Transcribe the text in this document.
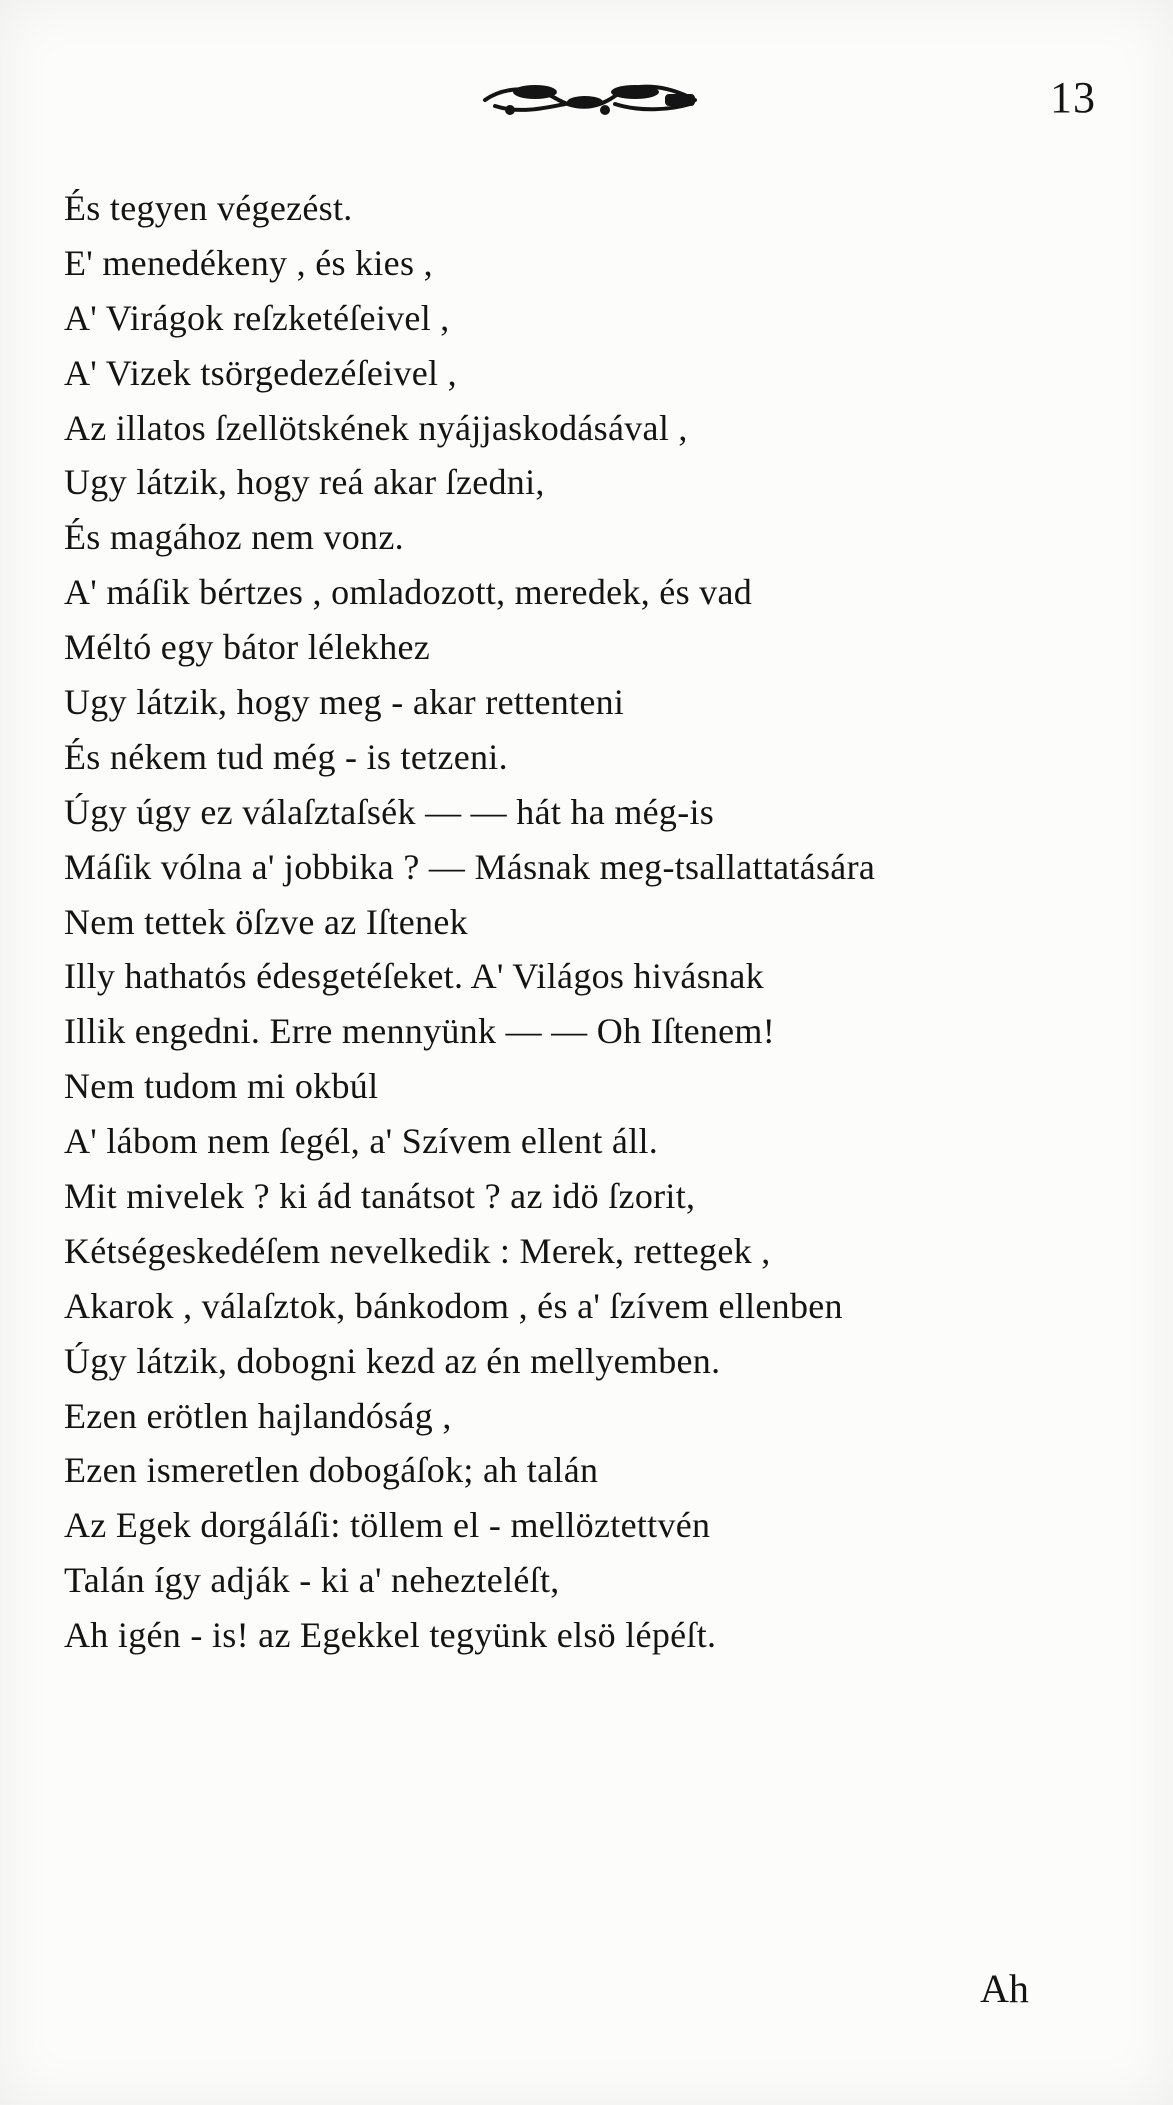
13
És tegyen végezést.
E' menedékeny , és kies ,
A' Virágok reſzketéſeivel ,
A' Vizek tsörgedezéſeivel ,
Az illatos ſzellötskének nyájjaskodásával ,
Ugy látzik, hogy reá akar ſzedni,
És magához nem vonz.
A' máſik bértzes , omladozott, meredek, és vad
Méltó egy bátor lélekhez
Ugy látzik, hogy meg - akar rettenteni
És nékem tud még - is tetzeni.
Úgy úgy ez válaſztaſsék — — hát ha még-is
Máſik vólna a' jobbika ? — Másnak meg-tsallattatására
Nem tettek öſzve az Iſtenek
Illy hathatós édesgetéſeket. A' Világos hivásnak
Illik engedni. Erre mennyünk — — Oh Iſtenem!
Nem tudom mi okbúl
A' lábom nem ſegél, a' Szívem ellent áll.
Mit mivelek ? ki ád tanátsot ? az idö ſzorit,
Kétségeskedéſem nevelkedik : Merek, rettegek ,
Akarok , válaſztok, bánkodom , és a' ſzívem ellenben
Úgy látzik, dobogni kezd az én mellyemben.
Ezen erötlen hajlandóság ,
Ezen ismeretlen dobogáſok; ah talán
Az Egek dorgáláſi: töllem el - mellöztettvén
Talán így adják - ki a' nehezteléſt,
Ah igén - is! az Egekkel tegyünk elsö lépéſt.
Ah
